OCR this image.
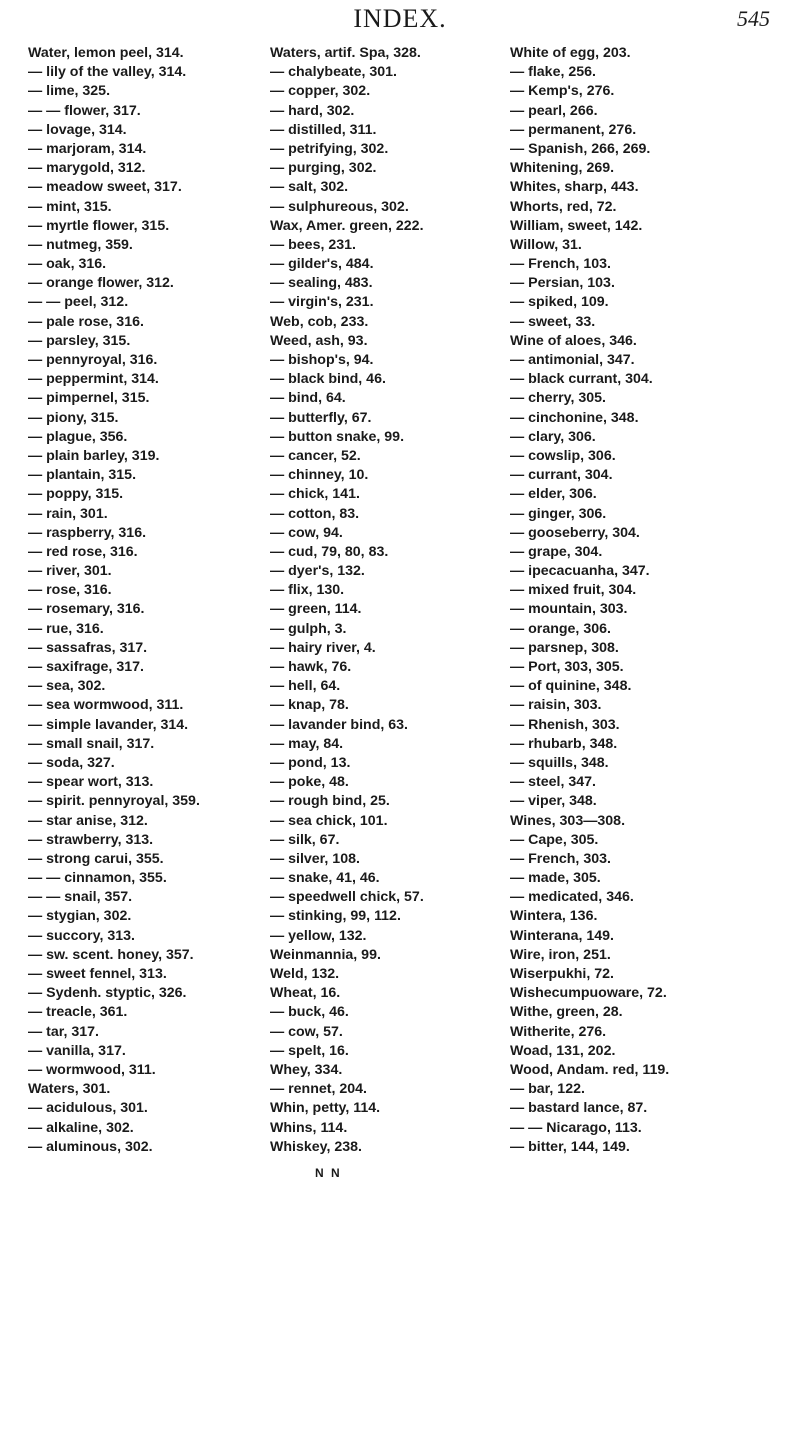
INDEX.	545
Water, lemon peel, 314.
— lily of the valley, 314.
— lime, 325.
— — flower, 317.
— lovage, 314.
— marjoram, 314.
— marygold, 312.
— meadow sweet, 317.
— mint, 315.
— myrtle flower, 315.
— nutmeg, 359.
— oak, 316.
— orange flower, 312.
— — peel, 312.
— pale rose, 316.
— parsley, 315.
— pennyroyal, 316.
— peppermint, 314.
— pimpernel, 315.
— piony, 315.
— plague, 356.
— plain barley, 319.
— plantain, 315.
— poppy, 315.
— rain, 301.
— raspberry, 316.
— red rose, 316.
— river, 301.
— rose, 316.
— rosemary, 316.
— rue, 316.
— sassafras, 317.
— saxifrage, 317.
— sea, 302.
— sea wormwood, 311.
— simple lavander, 314.
— small snail, 317.
— soda, 327.
— spear wort, 313.
— spirit. pennyroyal, 359.
— star anise, 312.
— strawberry, 313.
— strong carui, 355.
— — cinnamon, 355.
— — snail, 357.
— stygian, 302.
— succory, 313.
— sw. scent. honey, 357.
— sweet fennel, 313.
— Sydenh. styptic, 326.
— treacle, 361.
— tar, 317.
— vanilla, 317.
— wormwood, 311.
Waters, 301.
— acidulous, 301.
— alkaline, 302.
— aluminous, 302.
Waters, artif. Spa, 328.
— chalybeate, 301.
— copper, 302.
— hard, 302.
— distilled, 311.
— petrifying, 302.
— purging, 302.
— salt, 302.
— sulphureous, 302.
Wax, Amer. green, 222.
— bees, 231.
— gilder's, 484.
— sealing, 483.
— virgin's, 231.
Web, cob, 233.
Weed, ash, 93.
— bishop's, 94.
— black bind, 46.
— bind, 64.
— butterfly, 67.
— button snake, 99.
— cancer, 52.
— chinney, 10.
— chick, 141.
— cotton, 83.
— cow, 94.
— cud, 79, 80, 83.
— dyer's, 132.
— flix, 130.
— green, 114.
— gulph, 3.
— hairy river, 4.
— hawk, 76.
— hell, 64.
— knap, 78.
— lavander bind, 63.
— may, 84.
— pond, 13.
— poke, 48.
— rough bind, 25.
— sea chick, 101.
— silk, 67.
— silver, 108.
— snake, 41, 46.
— speedwell chick, 57.
— stinking, 99, 112.
— yellow, 132.
Weinmannia, 99.
Weld, 132.
Wheat, 16.
— buck, 46.
— cow, 57.
— spelt, 16.
Whey, 334.
— rennet, 204.
Whin, petty, 114.
Whins, 114.
Whiskey, 238.
White of egg, 203.
— flake, 256.
— Kemp's, 276.
— pearl, 266.
— permanent, 276.
— Spanish, 266, 269.
Whitening, 269.
Whites, sharp, 443.
Whorts, red, 72.
William, sweet, 142.
Willow, 31.
— French, 103.
— Persian, 103.
— spiked, 109.
— sweet, 33.
Wine of aloes, 346.
— antimonial, 347.
— black currant, 304.
— cherry, 305.
— cinchonine, 348.
— clary, 306.
— cowslip, 306.
— currant, 304.
— elder, 306.
— ginger, 306.
— gooseberry, 304.
— grape, 304.
— ipecacuanha, 347.
— mixed fruit, 304.
— mountain, 303.
— orange, 306.
— parsnep, 308.
— Port, 303, 305.
— of quinine, 348.
— raisin, 303.
— Rhenish, 303.
— rhubarb, 348.
— squills, 348.
— steel, 347.
— viper, 348.
Wines, 303—308.
— Cape, 305.
— French, 303.
— made, 305.
— medicated, 346.
Wintera, 136.
Winterana, 149.
Wire, iron, 251.
Wiserpukhi, 72.
Wishecumpuoware, 72.
Withe, green, 28.
Witherite, 276.
Woad, 131, 202.
Wood, Andam. red, 119.
— bar, 122.
— bastard lance, 87.
— — Nicarago, 113.
— bitter, 144, 149.
N N
